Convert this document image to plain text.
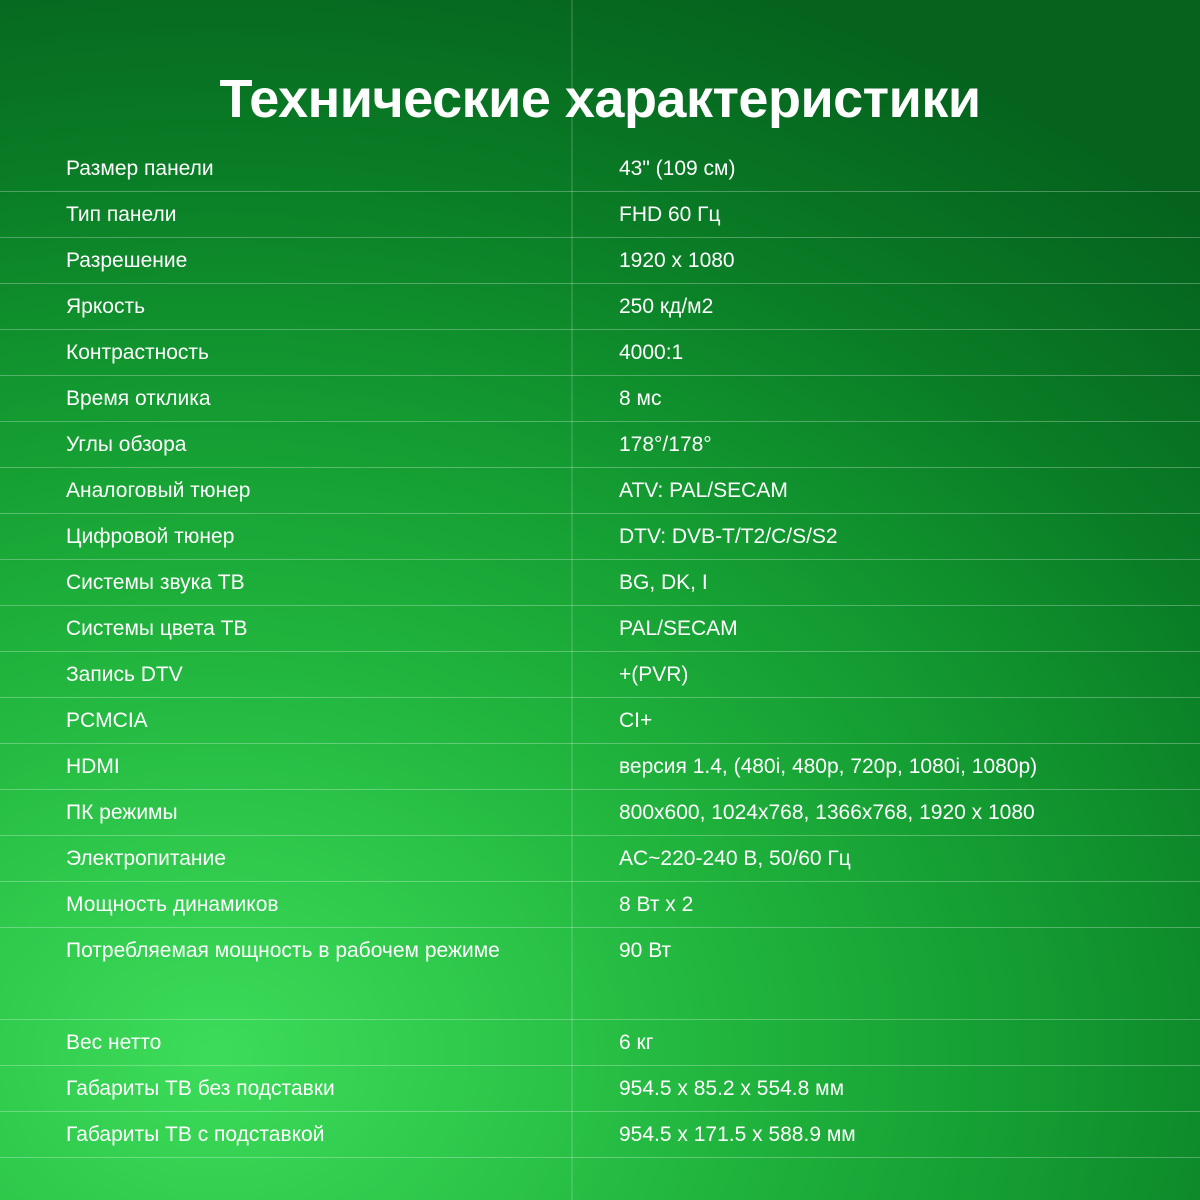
Технические характеристики
Размер панели	43" (109 см)
Тип панели	FHD 60 Гц
Разрешение	1920 x 1080
Яркость	250 кд/м2
Контрастность	4000:1
Время отклика	8 мс
Углы обзора	178°/178°
Аналоговый тюнер	ATV: PAL/SECAM
Цифровой тюнер	DTV: DVB-T/T2/C/S/S2
Системы звука ТВ	BG, DK, I
Системы цвета ТВ	PAL/SECAM
Запись DTV	+(PVR)
PCMCIA	CI+
HDMI	версия 1.4, (480i, 480p, 720p, 1080i, 1080p)
ПК режимы	800x600, 1024x768, 1366x768, 1920 x 1080
Электропитание	AC~220-240 В, 50/60 Гц
Мощность динамиков	8 Вт x 2
Потребляемая мощность в рабочем режиме	90 Вт
Вес нетто	6 кг
Габариты ТВ без подставки	954.5 x 85.2 x 554.8 мм
Габариты ТВ с подставкой	954.5 x 171.5 x 588.9 мм
